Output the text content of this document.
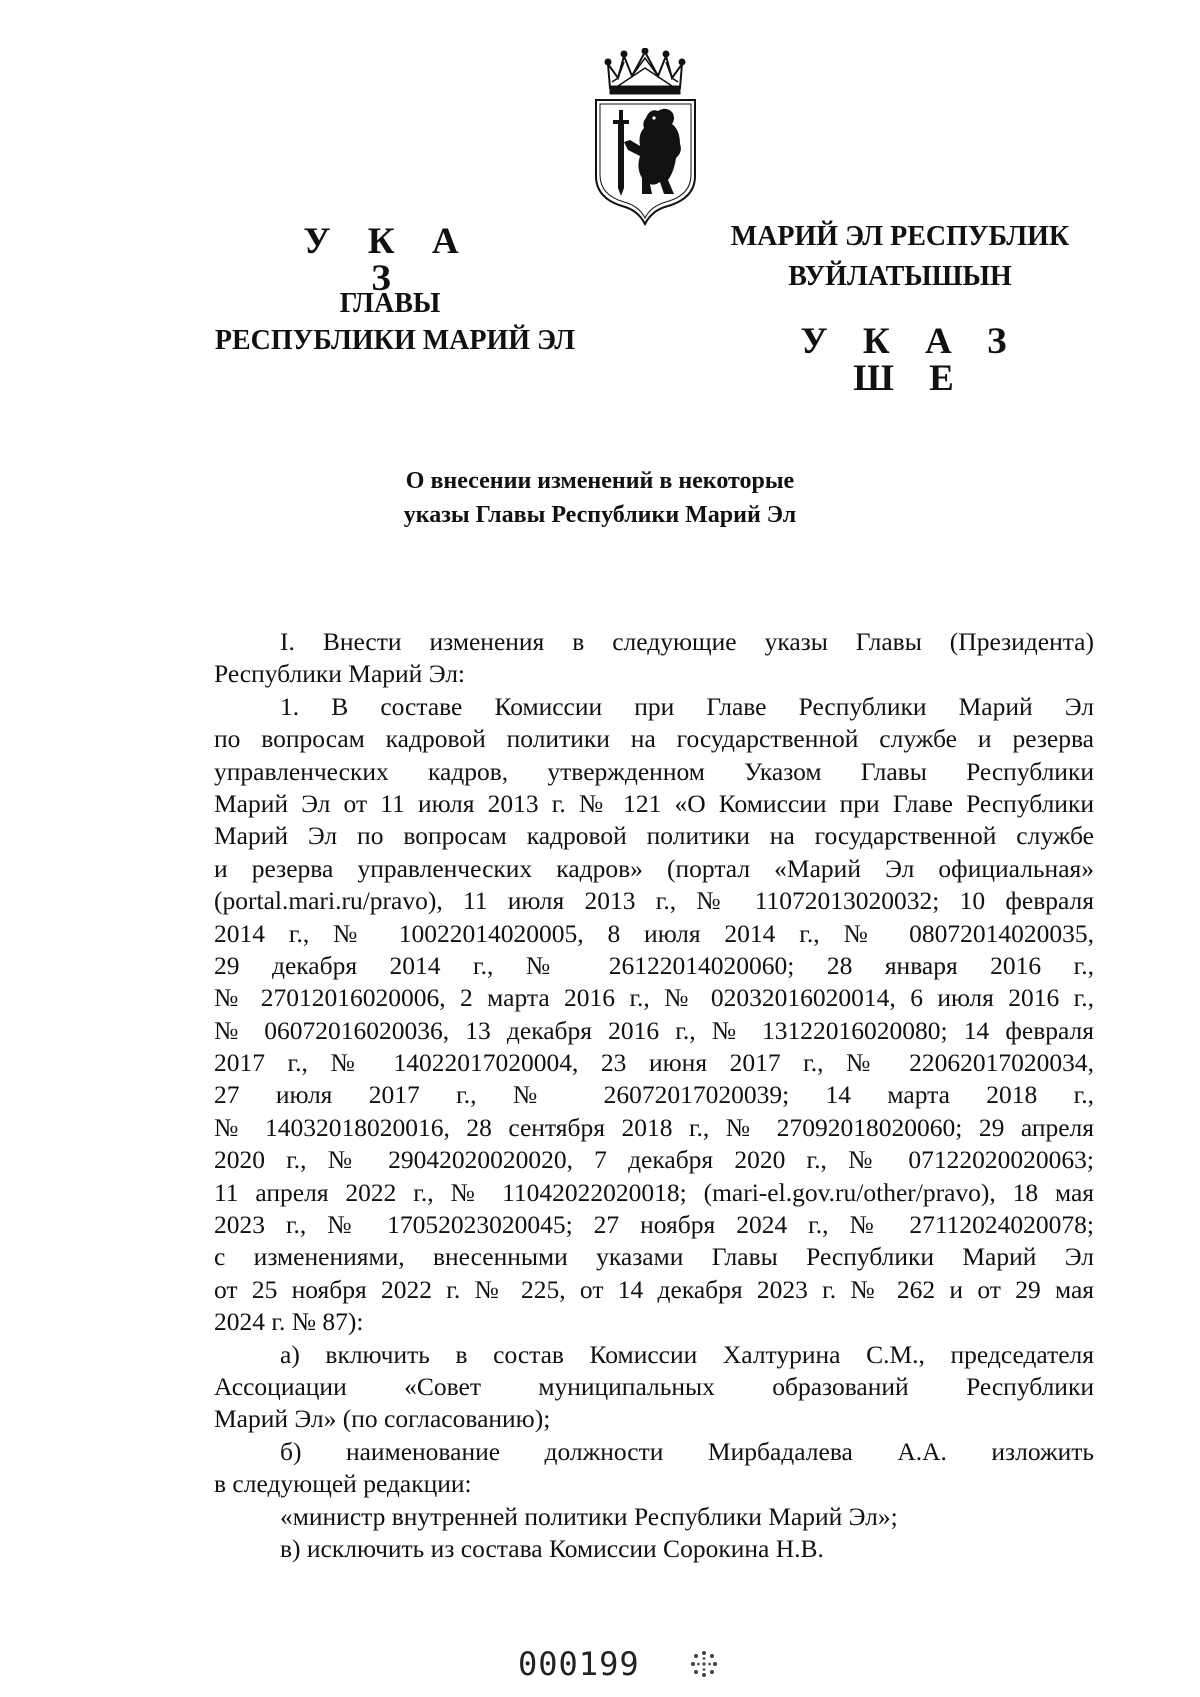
У К А З
ГЛАВЫ
РЕСПУБЛИКИ МАРИЙ ЭЛ
МАРИЙ ЭЛ РЕСПУБЛИК
ВУЙЛАТЫШЫН
У К А З Ш Е
О внесении изменений в некоторые
указы Главы Республики Марий Эл
I. Внести изменения в следующие указы Главы (Президента)
Республики Марий Эл:
1. В составе Комиссии при Главе Республики Марий Эл
по вопросам кадровой политики на государственной службе и резерва
управленческих кадров, утвержденном Указом Главы Республики
Марий Эл от 11 июля 2013 г. № 121 «О Комиссии при Главе Республики
Марий Эл по вопросам кадровой политики на государственной службе
и резерва управленческих кадров» (портал «Марий Эл официальная»
(portal.mari.ru/pravo), 11 июля 2013 г., № 11072013020032; 10 февраля
2014 г., № 10022014020005, 8 июля 2014 г., № 08072014020035,
29 декабря 2014 г., № 26122014020060; 28 января 2016 г.,
№ 27012016020006, 2 марта 2016 г., № 02032016020014, 6 июля 2016 г.,
№ 06072016020036, 13 декабря 2016 г., № 13122016020080; 14 февраля
2017 г., № 14022017020004, 23 июня 2017 г., № 22062017020034,
27 июля 2017 г., № 26072017020039; 14 марта 2018 г.,
№ 14032018020016, 28 сентября 2018 г., № 27092018020060; 29 апреля
2020 г., № 29042020020020, 7 декабря 2020 г., № 07122020020063;
11 апреля 2022 г., № 11042022020018; (mari-el.gov.ru/other/pravo), 18 мая
2023 г., № 17052023020045; 27 ноября 2024 г., № 27112024020078;
с изменениями, внесенными указами Главы Республики Марий Эл
от 25 ноября 2022 г. № 225, от 14 декабря 2023 г. № 262 и от 29 мая
2024 г. № 87):
а) включить в состав Комиссии Халтурина С.М., председателя
Ассоциации «Совет муниципальных образований Республики
Марий Эл» (по согласованию);
б) наименование должности Мирбадалева А.А. изложить
в следующей редакции:
«министр внутренней политики Республики Марий Эл»;
в) исключить из состава Комиссии Сорокина Н.В.
000199
